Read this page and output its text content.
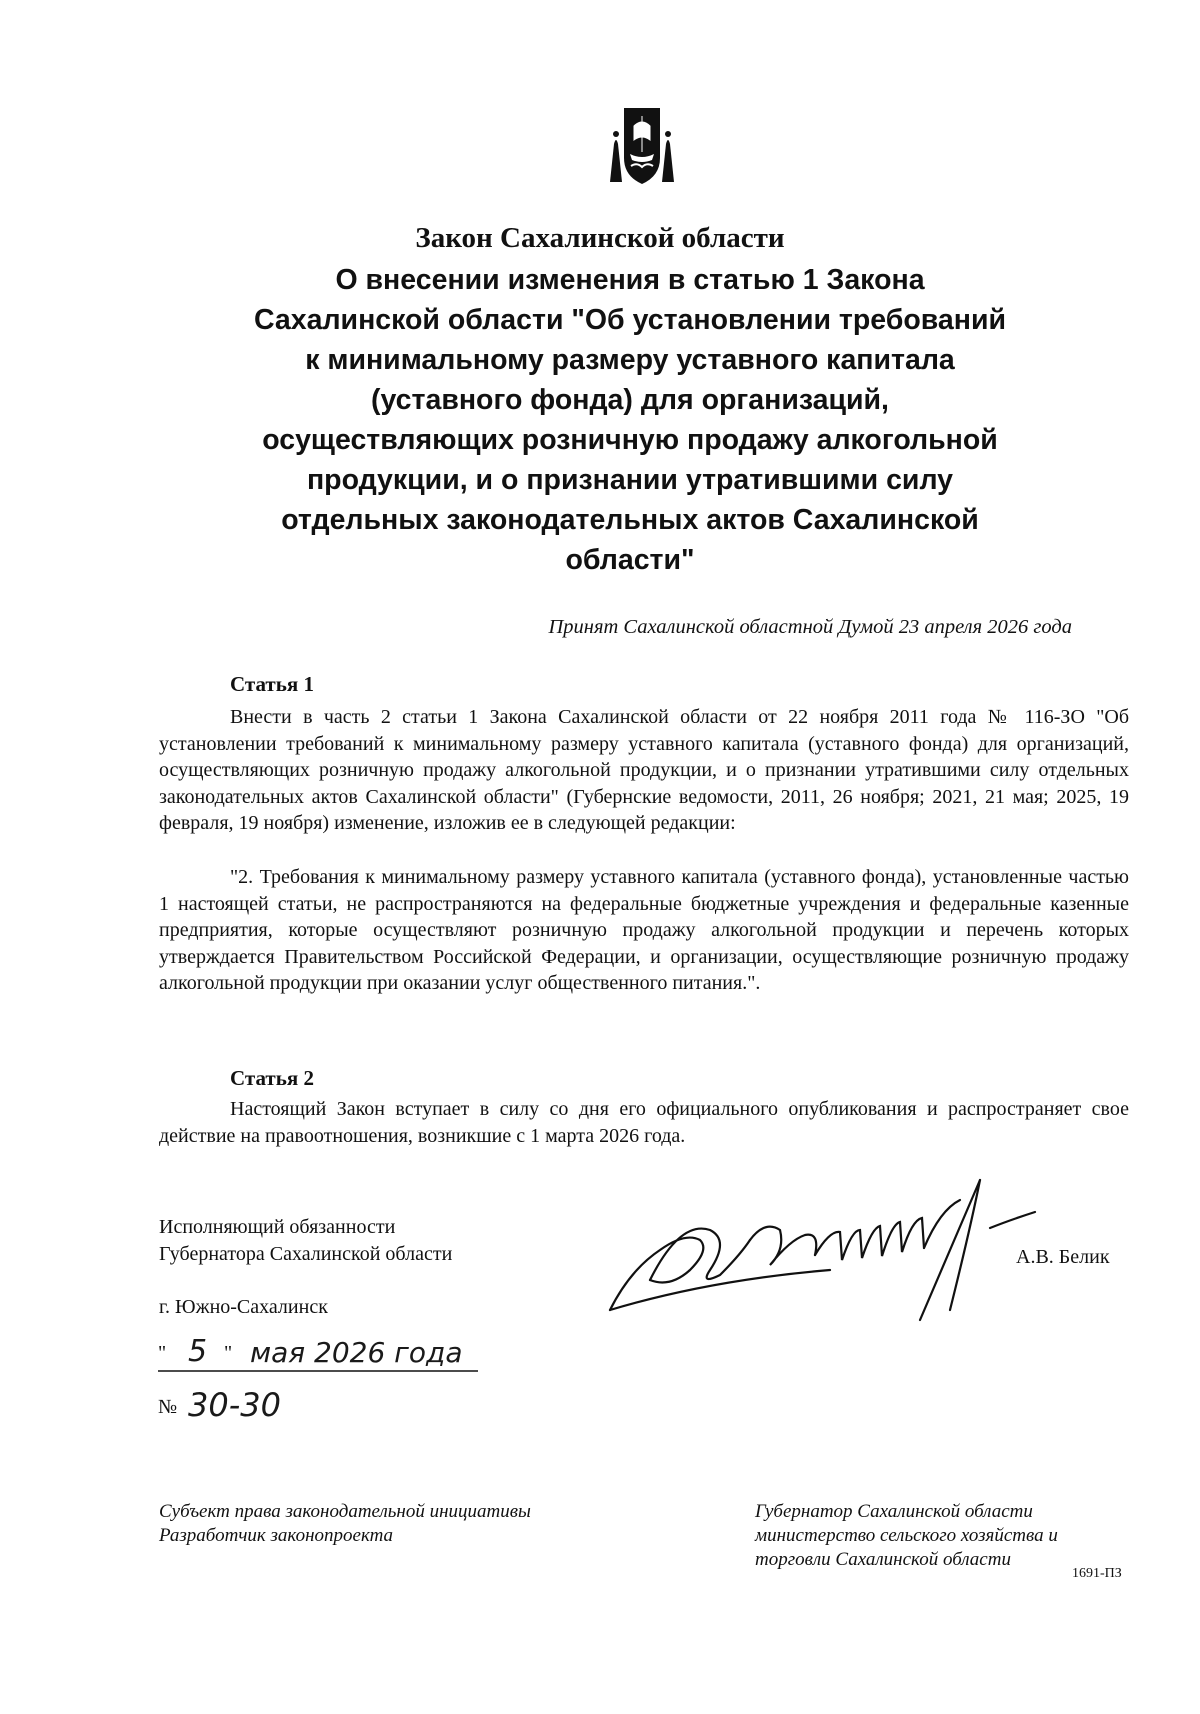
Закон Сахалинской области
О внесении изменения в статью 1 Закона
Сахалинской области "Об установлении требований
к минимальному размеру уставного капитала
(уставного фонда) для организаций,
осуществляющих розничную продажу алкогольной
продукции, и о признании утратившими силу
отдельных законодательных актов Сахалинской
области"
Принят Сахалинской областной Думой 23 апреля 2026 года
Статья 1

Внести в часть 2 статьи 1 Закона Сахалинской области от 22 ноября 2011 года № 116-ЗО "Об установлении требований к минимальному размеру уставного капитала (уставного фонда) для организаций, осуществляющих розничную продажу алкогольной продукции, и о признании утратившими силу отдельных законодательных актов Сахалинской области" (Губернские ведомости, 2011, 26 ноября; 2021, 21 мая; 2025, 19 февраля, 19 ноября) изменение, изложив ее в следующей редакции:

"2. Требования к минимальному размеру уставного капитала (уставного фонда), установленные частью 1 настоящей статьи, не распространяются на федеральные бюджетные учреждения и федеральные казенные предприятия, которые осуществляют розничную продажу алкогольной продукции и перечень которых утверждается Правительством Российской Федерации, и организации, осуществляющие розничную продажу алкогольной продукции при оказании услуг общественного питания.".

Статья 2

Настоящий Закон вступает в силу со дня его официального опубликования и распространяет свое действие на правоотношения, возникшие с 1 марта 2026 года.

Исполняющий обязанности
Губернатора Сахалинской области	А.В. Белик
г. Южно-Сахалинск
" 5 " мая 2026 года
№ 30-30
Субъект права законодательной инициативы
Разработчик законопроекта
Губернатор Сахалинской области
министерство сельского хозяйства и
торговли Сахалинской области
1691-ПЗ
